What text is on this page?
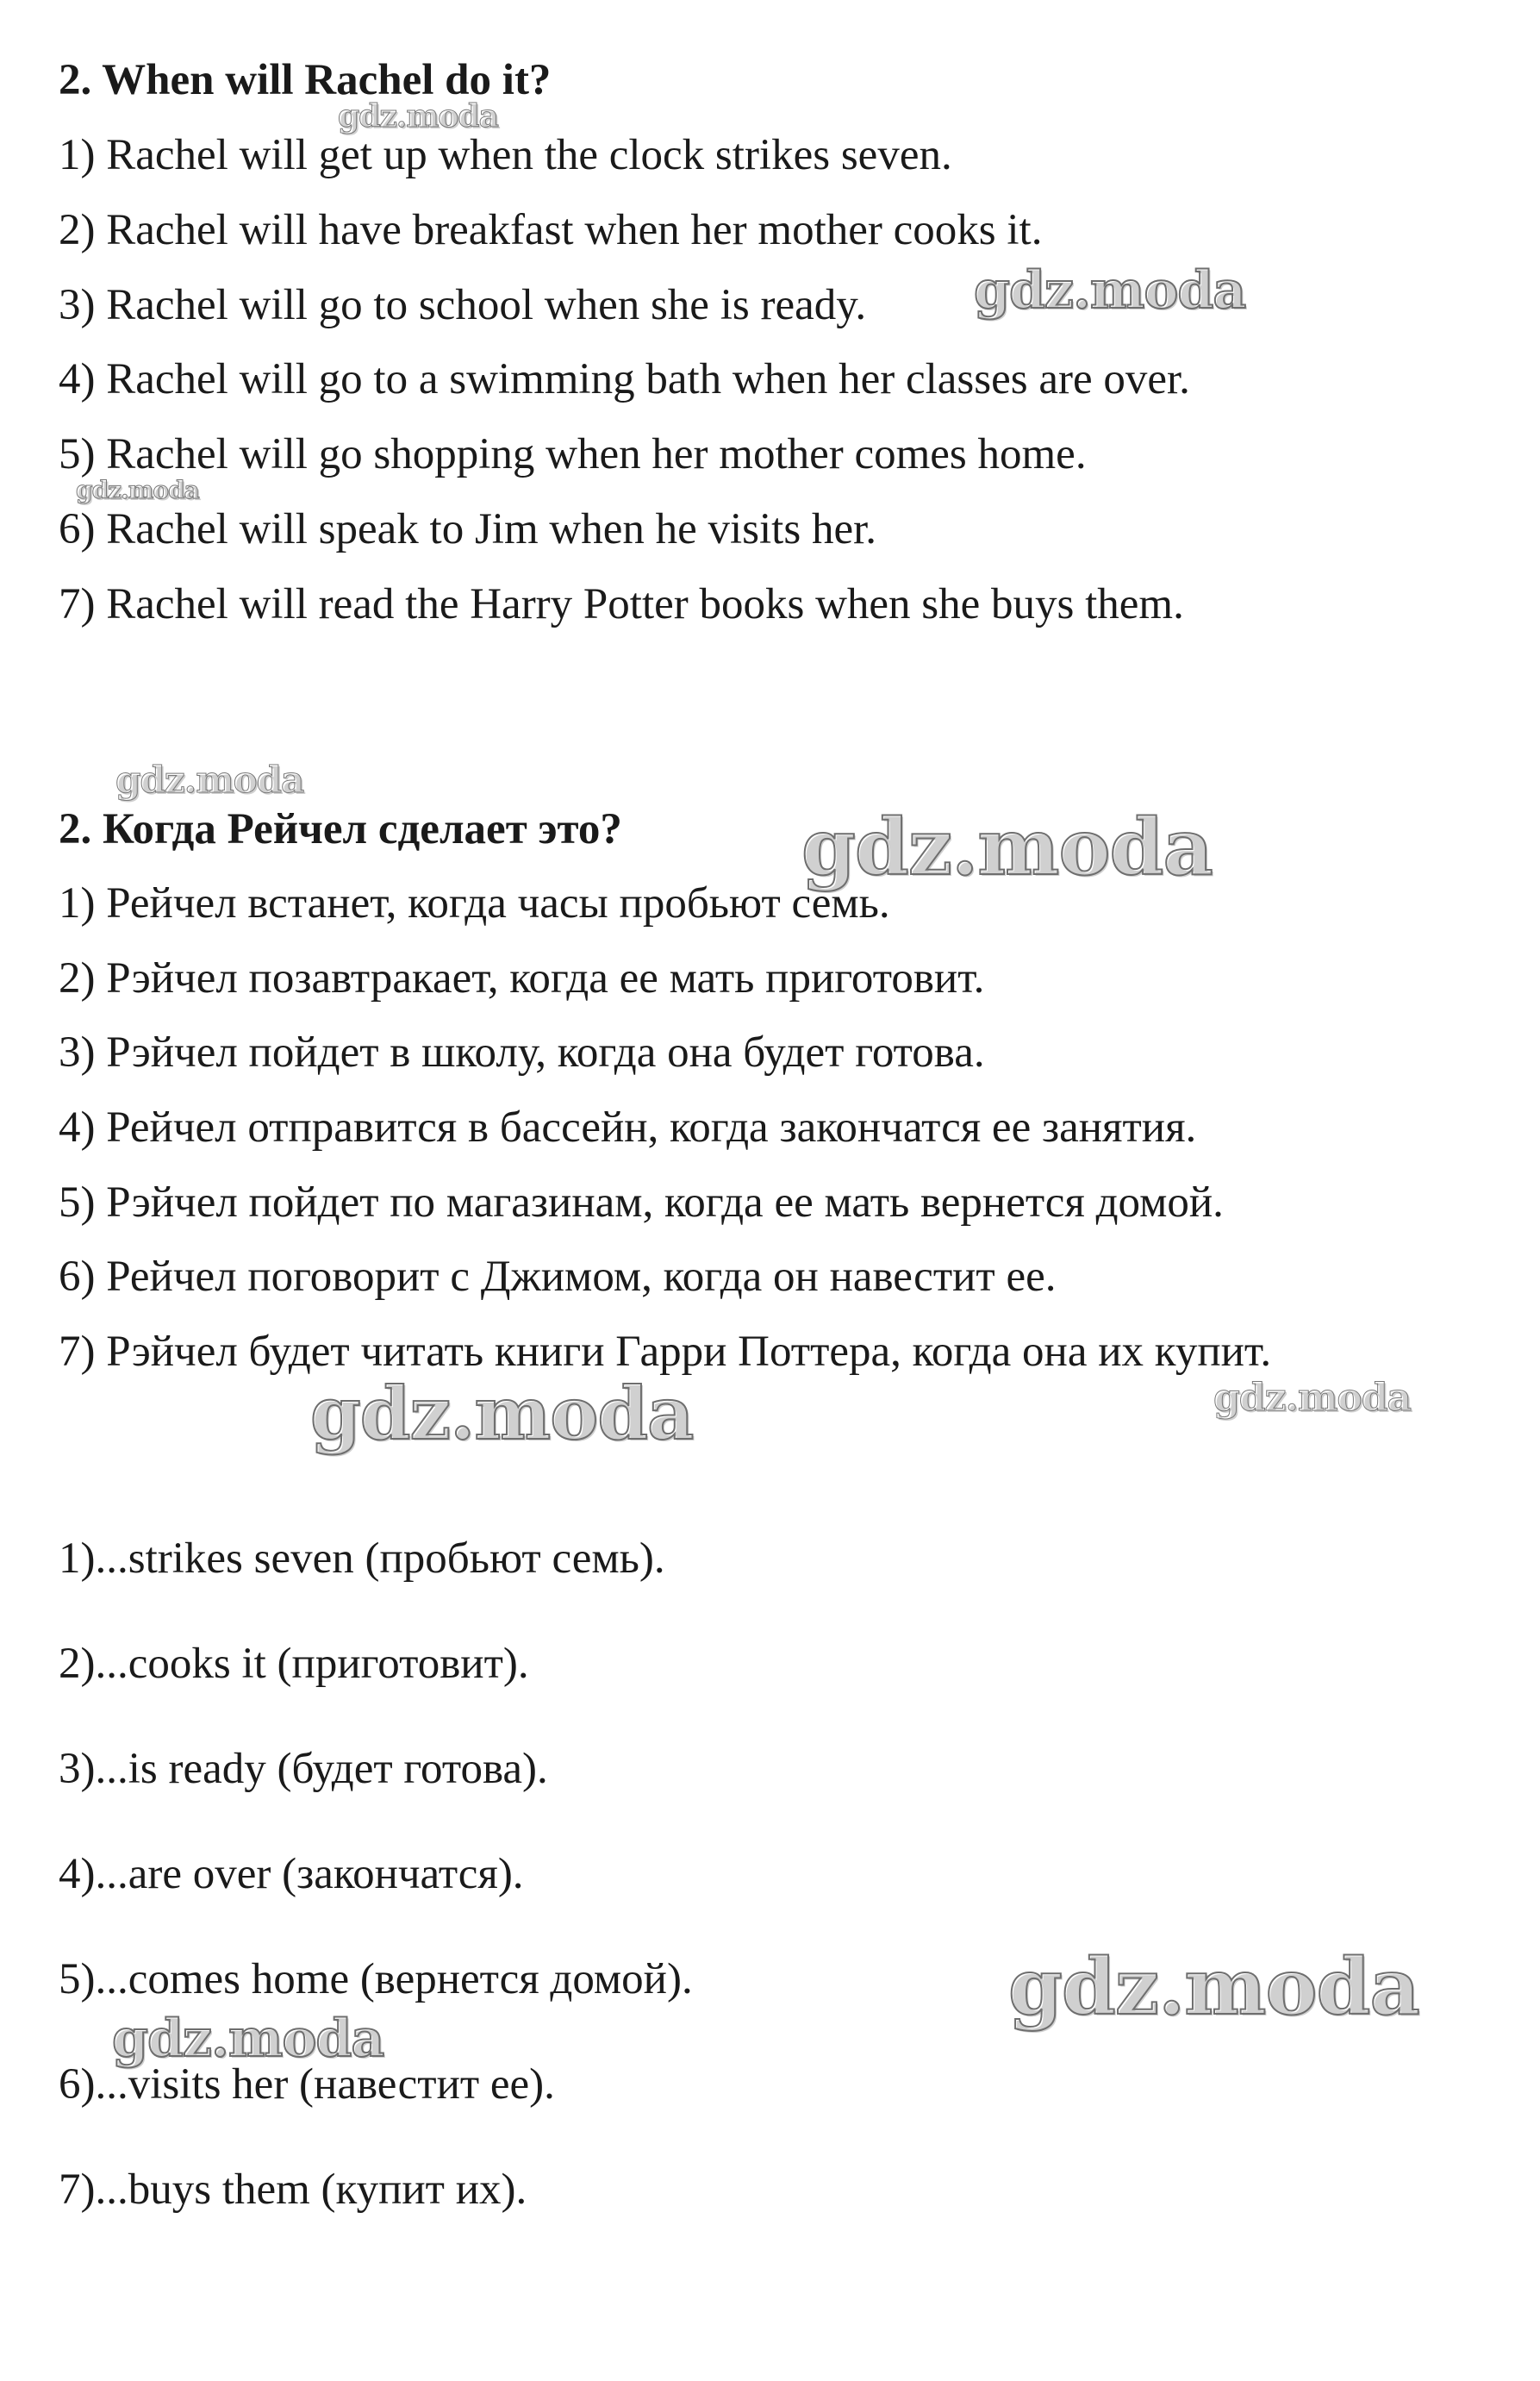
2. When will Rachel do it?
1) Rachel will get up when the clock strikes seven.
2) Rachel will have breakfast when her mother cooks it.
3) Rachel will go to school when she is ready.
4) Rachel will go to a swimming bath when her classes are over.
5) Rachel will go shopping when her mother comes home.
6) Rachel will speak to Jim when he visits her.
7) Rachel will read the Harry Potter books when she buys them.
2. Когда Рейчел сделает это?
1) Рейчел встанет, когда часы пробьют семь.
2) Рэйчел позавтракает, когда ее мать приготовит.
3) Рэйчел пойдет в школу, когда она будет готова.
4) Рейчел отправится в бассейн, когда закончатся ее занятия.
5) Рэйчел пойдет по магазинам, когда ее мать вернется домой.
6) Рейчел поговорит с Джимом, когда он навестит ее.
7) Рэйчел будет читать книги Гарри Поттера, когда она их купит.
1)...strikes seven (пробьют семь).
2)...cooks it (приготовит).
3)...is ready (будет готова).
4)...are over (закончатся).
5)...comes home (вернется домой).
6)...visits her (навестит ее).
7)...buys them (купит их).
gdz.moda
gdz.moda
gdz.moda
gdz.moda
gdz.moda
gdz.moda	gdz.moda
gdz.moda
gdz.moda
